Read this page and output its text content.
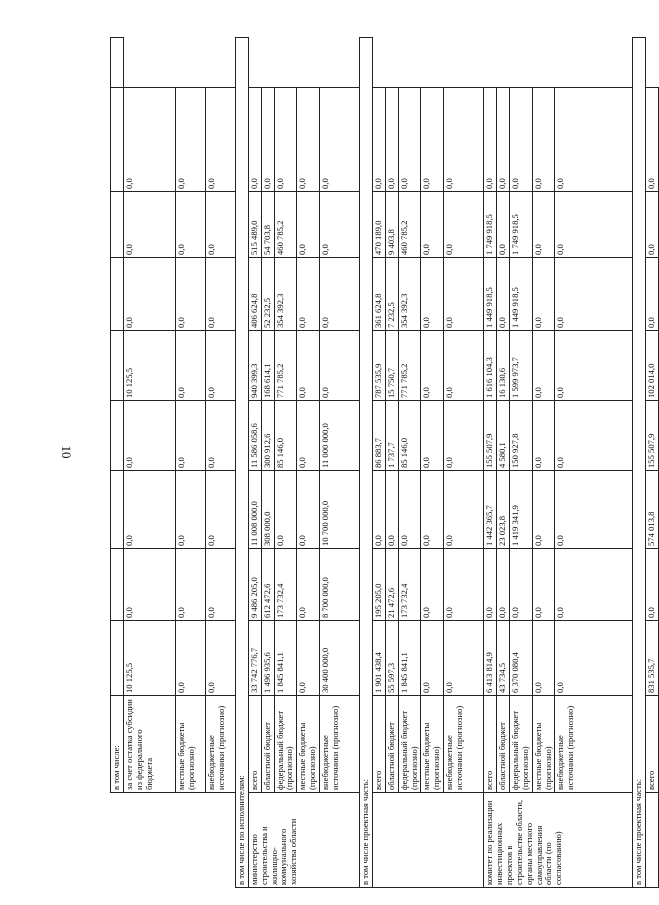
10
	в том числе:									
	за счет остатка субсидии из федерального бюджета	10 125,5	0,0	0,0	0,0	10 125,5	0,0	0,0	0,0	
	местные бюджеты (прогнозно)	0,0	0,0	0,0	0,0	0,0	0,0	0,0	0,0	
	внебюджетные источники (прогнозно)	0,0	0,0	0,0	0,0	0,0	0,0	0,0	0,0	
в том числе по исполнителям:										
министерство строительства и жилищно-коммунального хозяйства области	всего	33 742 776,7	9 486 205,0	11 008 000,0	11 586 058,6	940 399,3	406 624,8	515 489,0	0,0	
	областной бюджет	1 496 935,6	612 472,6	308 000,0	300 912,6	168 614,1	52 232,5	54 703,8	0,0	
	федеральный бюджет (прогнозно)	1 845 841,1	173 732,4	0,0	85 146,0	771 785,2	354 392,3	460 785,2	0,0	
	местные бюджеты (прогнозно)	0,0	0,0	0,0	0,0	0,0	0,0	0,0	0,0	
	внебюджетные источники (прогнозно)	30 400 000,0	8 700 000,0	10 700 000,0	11 000 000,0	0,0	0,0	0,0	0,0	
в том числе проектная часть:										
	всего	1 901 438,4	195 205,0	0,0	86 883,7	787 535,9	361 624,8	470 189,0	0,0	
	областной бюджет	55 597,3	21 472,6	0,0	1 737,7	15 750,7	7 232,5	9 403,8	0,0	
	федеральный бюджет (прогнозно)	1 845 841,1	173 732,4	0,0	85 146,0	771 785,2	354 392,3	460 785,2	0,0	
	местные бюджеты (прогнозно)	0,0	0,0	0,0	0,0	0,0	0,0	0,0	0,0	
	внебюджетные источники (прогнозно)	0,0	0,0	0,0	0,0	0,0	0,0	0,0	0,0	
комитет по реализации инвестиционных проектов в строительстве области, органы местного самоуправления области (по согласованию)	всего	6 413 814,9	0,0	1 442 365,7	155 507,9	1 616 104,3	1 449 918,5	1 749 918,5	0,0	
	областной бюджет	43 734,5	0,0	23 023,8	4 580,1	16 130,6	0,0	0,0	0,0	
	федеральный бюджет (прогнозно)	6 370 080,4	0,0	1 419 341,9	150 927,8	1 599 973,7	1 449 918,5	1 749 918,5	0,0	
	местные бюджеты (прогнозно)	0,0	0,0	0,0	0,0	0,0	0,0	0,0	0,0	
	внебюджетные источники (прогнозно)	0,0	0,0	0,0	0,0	0,0	0,0	0,0	0,0	
в том числе проектная часть:										
	всего	831 535,7	0,0	574 013,8	155 507,9	102 014,0	0,0	0,0	0,0	
